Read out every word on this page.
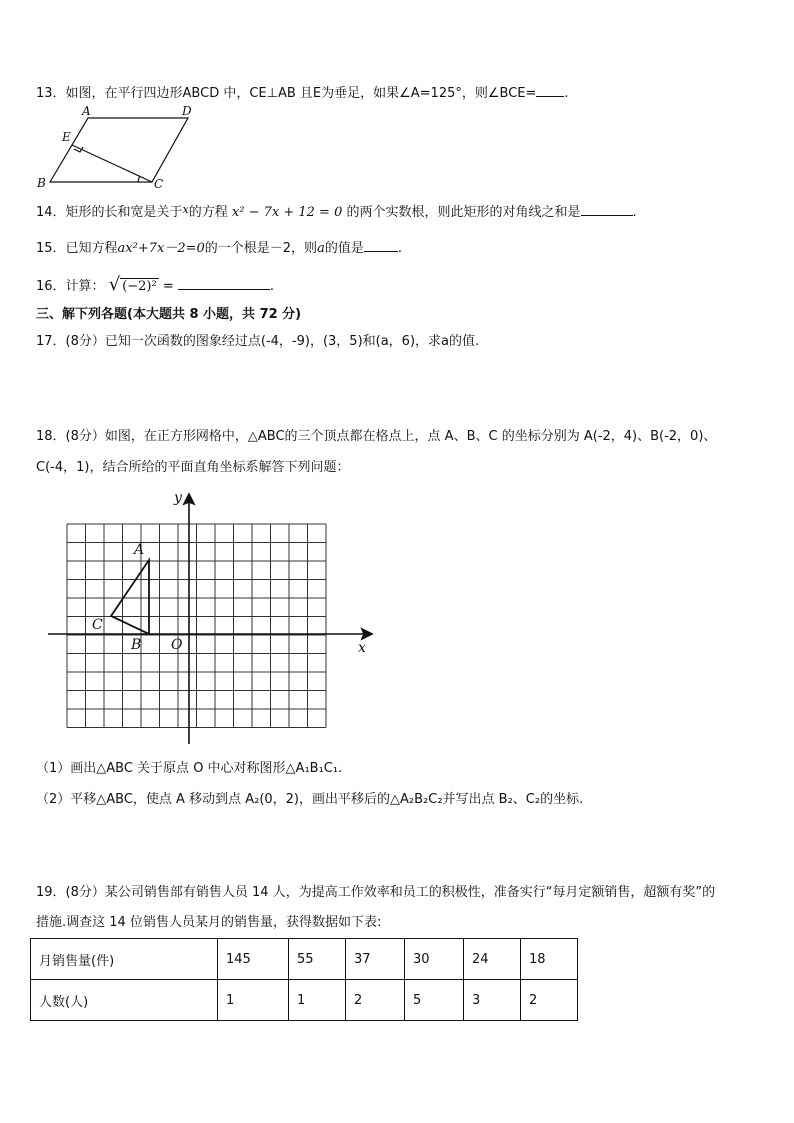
13．如图，在平行四边形ABCD 中，CE⊥AB 且E为垂足，如果∠A=125°，则∠BCE= .
A	D
E
B	C
14．矩形的长和宽是关于$^x$的方程 x² − 7x + 12 = 0 的两个实数根，则此矩形的对角线之和是	.
15．已知方程ax²+7x－2=0的一个根是－2，则a的值是	.
16．计算： √ (−2)² =	.
三、解下列各题(本大题共 8 小题，共 72 分)
17．(8分）已知一次函数的图象经过点(-4，-9)，(3，5)和(a，6)，求a的值.
18．(8分）如图，在正方形网格中，△ABC的三个顶点都在格点上，点 A、B、C 的坐标分别为 A(-2，4)、B(-2，0)、
C(-4，1)，结合所给的平面直角坐标系解答下列问题：
y
x
O
A
B
C
（1）画出△ABC 关于原点 O 中心对称图形△A₁B₁C₁.
（2）平移△ABC，使点 A 移动到点 A₂(0，2)，画出平移后的△A₂B₂C₂并写出点 B₂、C₂的坐标.
19．(8分）某公司销售部有销售人员 14 人，为提高工作效率和员工的积极性，准备实行“每月定额销售，超额有奖”的
措施.调查这 14 位销售人员某月的销售量，获得数据如下表:
月销售量(件)	145	55	37	30	24	18
人数(人)	1	1	2	5	3	2
